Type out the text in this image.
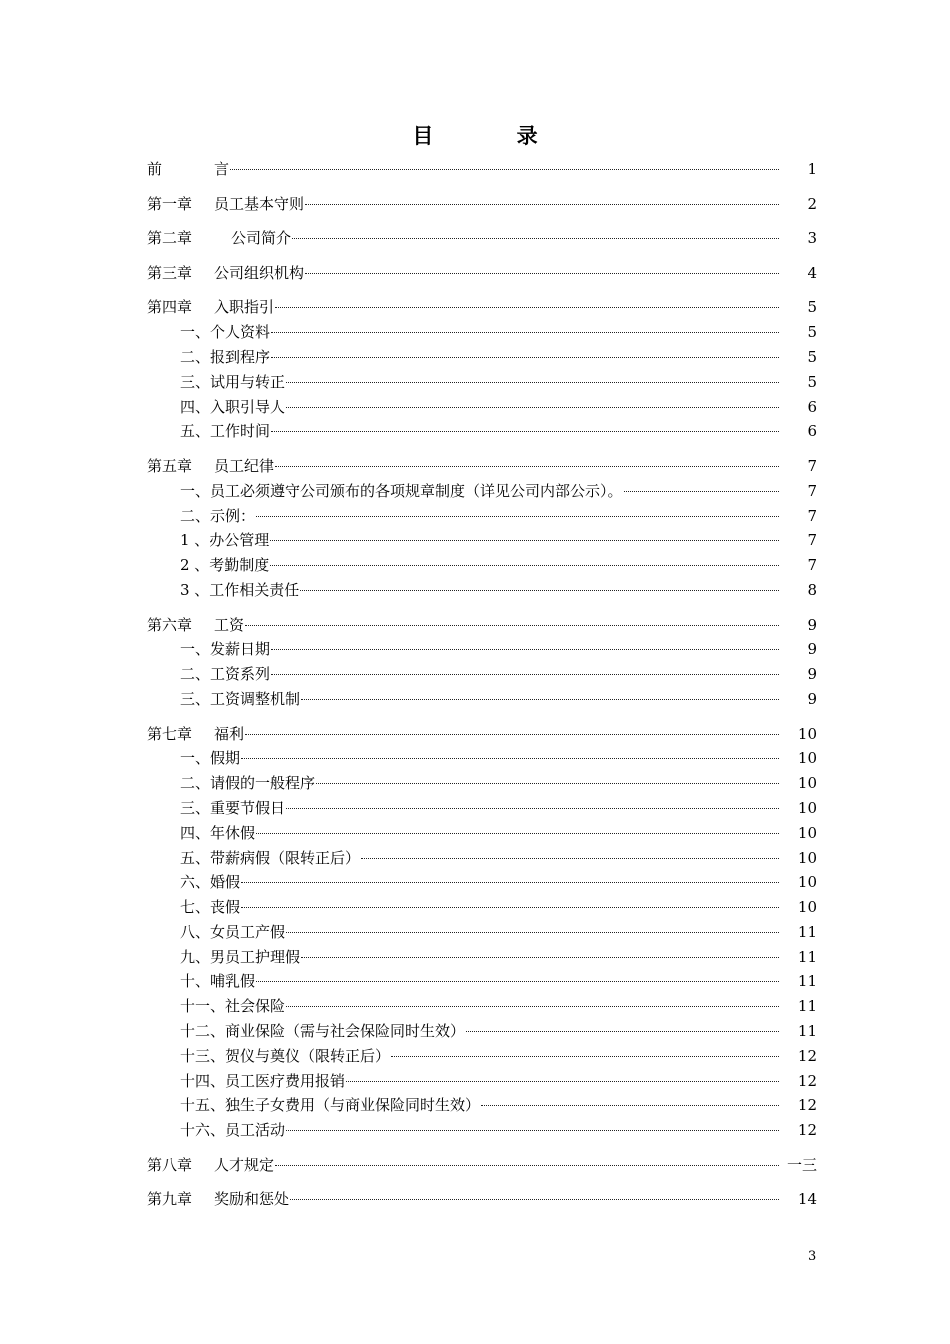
目 录
前	言	1
第一章 员工基本守则	2
第二章	公司简介	3
第三章 公司组织机构	4
第四章 入职指引	5
一、个人资料	5
二、报到程序	5
三、试用与转正	5
四、入职引导人	6
五、工作时间	6
第五章 员工纪律	7
一、员工必须遵守公司颁布的各项规章制度（详见公司内部公示）。	7
二、示例：	7
1 、办公管理	7
2 、考勤制度	7
3 、工作相关责任	8
第六章 工资	9
一、发薪日期	9
二、工资系列	9
三、工资调整机制	9
第七章 福利	10
一、假期	10
二、请假的一般程序	10
三、重要节假日	10
四、年休假	10
五、带薪病假（限转正后）	10
六、婚假	10
七、丧假	10
八、女员工产假	11
九、男员工护理假	11
十、哺乳假	11
十一、社会保险	11
十二、商业保险（需与社会保险同时生效）	11
十三、贺仪与奠仪（限转正后）	12
十四、员工医疗费用报销	12
十五、独生子女费用（与商业保险同时生效）	12
十六、员工活动	12
第八章 人才规定	一三
第九章 奖励和惩处	14
3
